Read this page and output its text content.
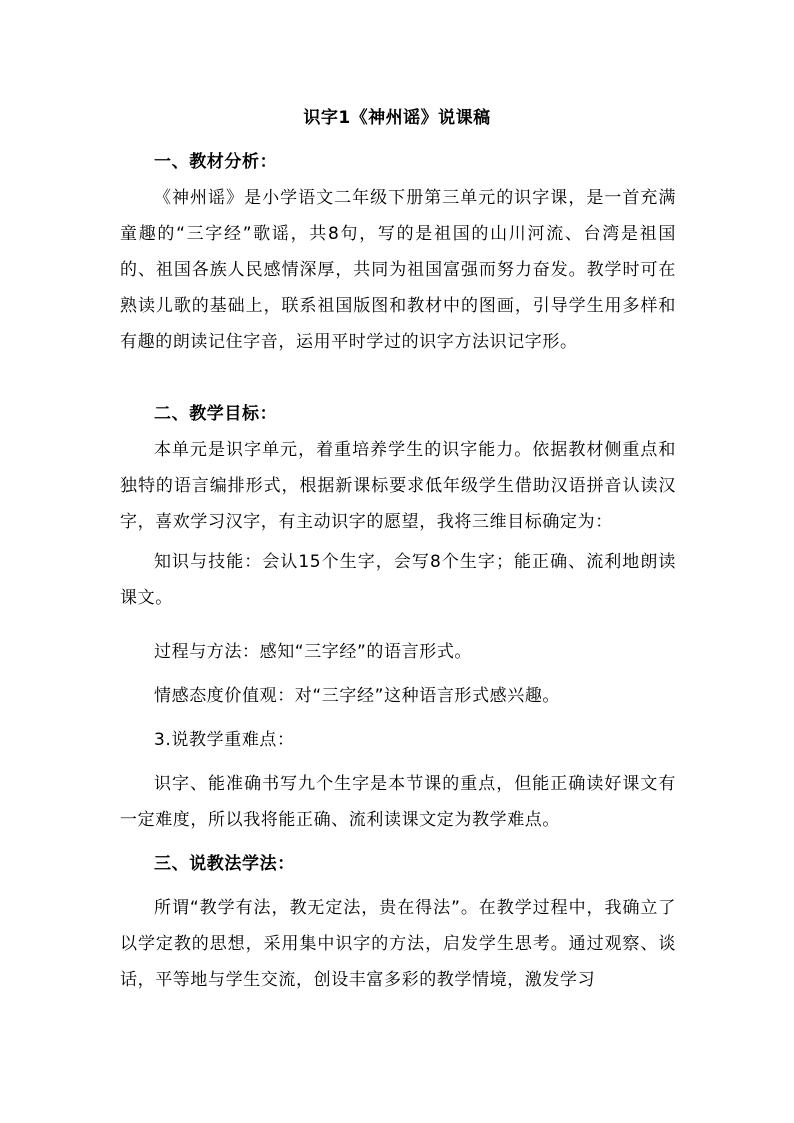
识字1《神州谣》说课稿
一、教材分析：
《神州谣》是小学语文二年级下册第三单元的识字课，是一首充满童趣的“三字经”歌谣，共8句，写的是祖国的山川河流、台湾是祖国的、祖国各族人民感情深厚，共同为祖国富强而努力奋发。教学时可在熟读儿歌的基础上，联系祖国版图和教材中的图画，引导学生用多样和有趣的朗读记住字音，运用平时学过的识字方法识记字形。
二、教学目标：
本单元是识字单元，着重培养学生的识字能力。依据教材侧重点和独特的语言编排形式，根据新课标要求低年级学生借助汉语拼音认读汉字，喜欢学习汉字，有主动识字的愿望，我将三维目标确定为：
知识与技能：会认15个生字，会写8个生字；能正确、流利地朗读课文。
过程与方法：感知“三字经”的语言形式。
情感态度价值观：对“三字经”这种语言形式感兴趣。
3.说教学重难点：
识字、能准确书写九个生字是本节课的重点，但能正确读好课文有一定难度，所以我将能正确、流利读课文定为教学难点。
三、说教法学法：
所谓“教学有法，教无定法，贵在得法”。在教学过程中，我确立了以学定教的思想，采用集中识字的方法，启发学生思考。通过观察、谈话，平等地与学生交流，创设丰富多彩的教学情境，激发学习
